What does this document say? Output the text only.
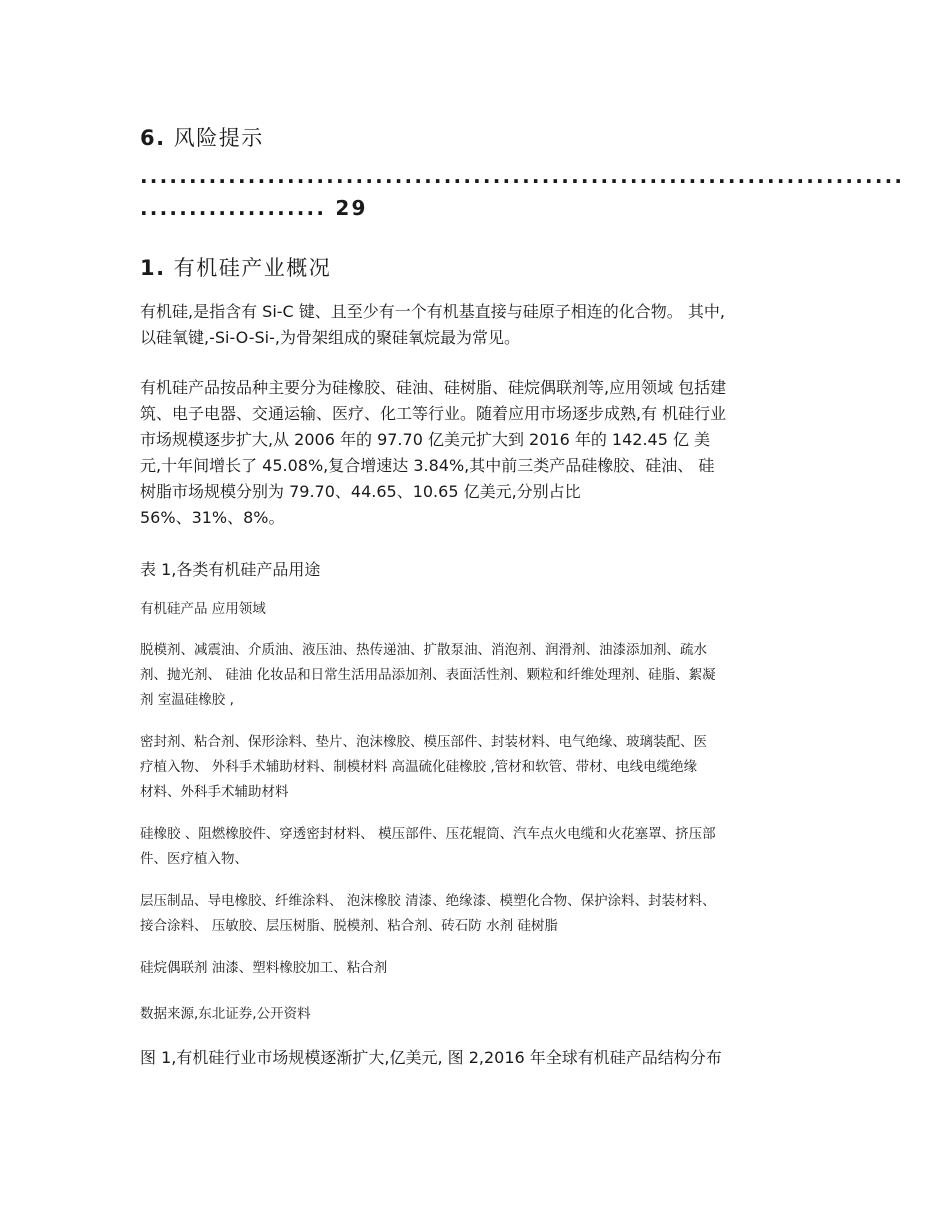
6. 风险提示
..............................................................................
................... 29
1. 有机硅产业概况
有机硅,是指含有 Si-C 键、且至少有一个有机基直接与硅原子相连的化合物。 其中,
以硅氧键,-Si-O-Si-,为骨架组成的聚硅氧烷最为常见。
有机硅产品按品种主要分为硅橡胶、硅油、硅树脂、硅烷偶联剂等,应用领域 包括建
筑、电子电器、交通运输、医疗、化工等行业。随着应用市场逐步成熟,有 机硅行业
市场规模逐步扩大,从 2006 年的 97.70 亿美元扩大到 2016 年的 142.45 亿 美
元,十年间增长了 45.08%,复合增速达 3.84%,其中前三类产品硅橡胶、硅油、 硅
树脂市场规模分别为 79.70、44.65、10.65 亿美元,分别占比
56%、31%、8%。
表 1,各类有机硅产品用途
有机硅产品 应用领域
脱模剂、减震油、介质油、液压油、热传递油、扩散泵油、消泡剂、润滑剂、油漆添加剂、疏水
剂、抛光剂、 硅油 化妆品和日常生活用品添加剂、表面活性剂、颗粒和纤维处理剂、硅脂、絮凝
剂 室温硅橡胶 ,
密封剂、粘合剂、保形涂料、垫片、泡沫橡胶、模压部件、封装材料、电气绝缘、玻璃装配、医
疗植入物、 外科手术辅助材料、制模材料 高温硫化硅橡胶 ,管材和软管、带材、电线电缆绝缘
材料、外科手术辅助材料
硅橡胶 、阻燃橡胶件、穿透密封材料、 模压部件、压花辊筒、汽车点火电缆和火花塞罩、挤压部
件、医疗植入物、
层压制品、导电橡胶、纤维涂料、 泡沫橡胶 清漆、绝缘漆、模塑化合物、保护涂料、封装材料、
接合涂料、 压敏胶、层压树脂、脱模剂、粘合剂、砖石防 水剂 硅树脂
硅烷偶联剂 油漆、塑料橡胶加工、粘合剂
数据来源,东北证券,公开资料
图 1,有机硅行业市场规模逐渐扩大,亿美元, 图 2,2016 年全球有机硅产品结构分布
